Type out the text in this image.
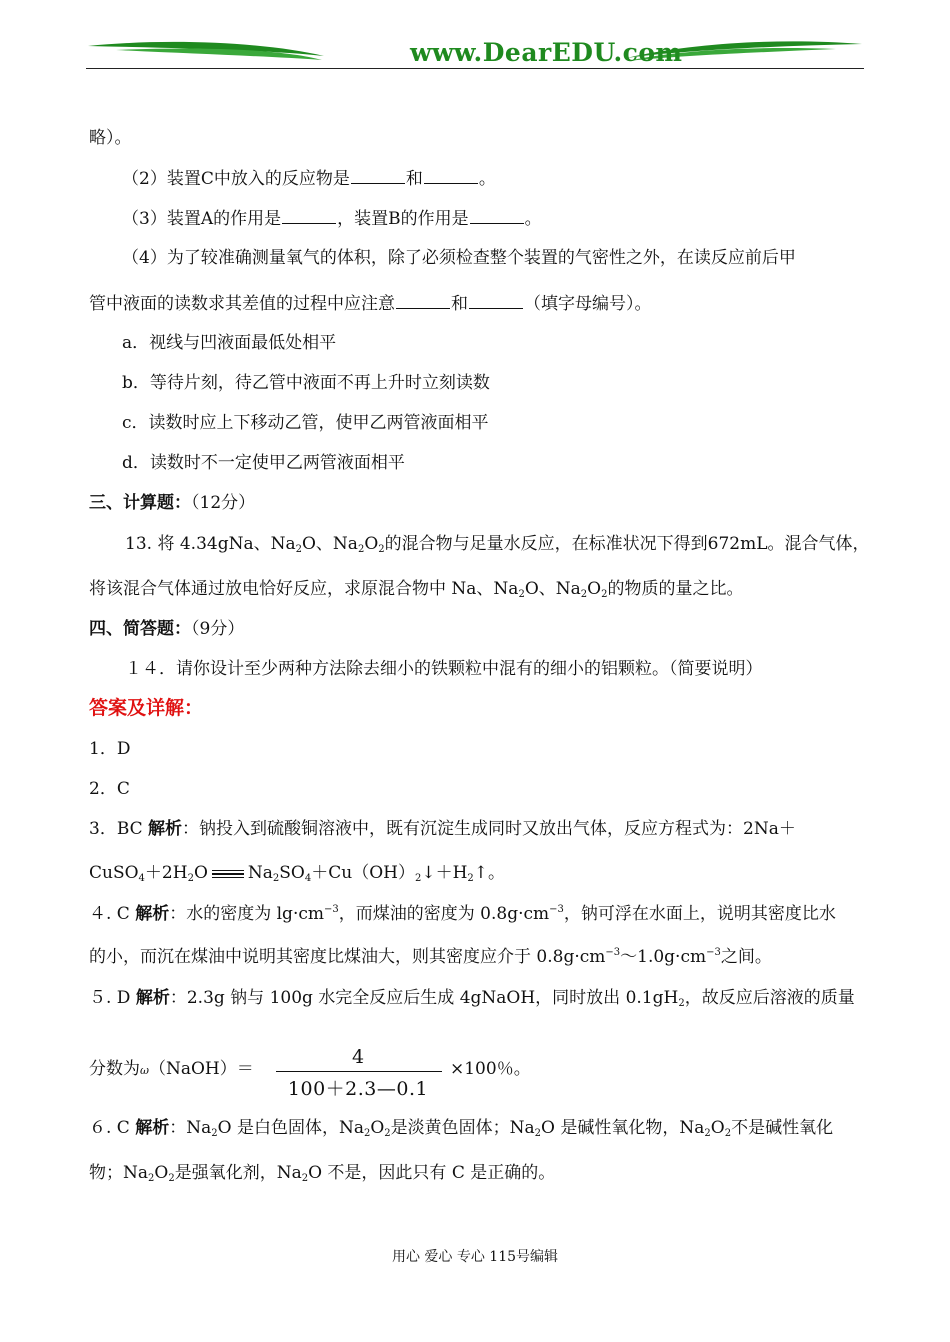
www.DearEDU.com
略）。
（2）装置C中放入的反应物是	和	。
（3）装置A的作用是	，装置B的作用是	。
（4）为了较准确测量氧气的体积，除了必须检查整个装置的气密性之外，在读反应前后甲
管中液面的读数求其差值的过程中应注意	和	（填字母编号）。
a．视线与凹液面最低处相平
b．等待片刻，待乙管中液面不再上升时立刻读数
c．读数时应上下移动乙管，使甲乙两管液面相平
d．读数时不一定使甲乙两管液面相平
三、计算题：（12分）
13. 将 4.34gNa、$Na_2O$、$Na_2O_2$的混合物与足量水反应，在标准状况下得到672mL。混合气体，
将该混合气体通过放电恰好反应，求原混合物中 Na、$Na_2O$、$Na_2O_2$的物质的量之比。
四、简答题：（9分）
１４．请你设计至少两种方法除去细小的铁颗粒中混有的细小的铝颗粒。（简要说明）
答案及详解：
1．D
2．C
3．BC 解析：钠投入到硫酸铜溶液中，既有沉淀生成同时又放出气体，反应方程式为：2Na＋
$CuSO_4+2H_2O$ $Na_2SO_4+Cu(OH)_2↓+H_2↑$。
４. C 解析：水的密度为 $\lg\cdot cm^{-3}$，而煤油的密度为 $0.8g\cdot cm^{-3}$，钠可浮在水面上，说明其密度比水
的小，而沉在煤油中说明其密度比煤油大，则其密度应介于 $0.8g\cdot cm^{-3}\sim 1.0g\cdot cm^{-3}$之间。
５. D 解析：2.3g 钠与 100g 水完全反应后生成 4gNaOH，同时放出 $0.1gH_2$，故反应后溶液的质量
分数为ω（NaOH）＝
4
100＋2.3—0.1
×100％。
６. C 解析：$Na_2O$ 是白色固体，$Na_2O_2$是淡黄色固体；$Na_2O$ 是碱性氧化物，$Na_2O_2$不是碱性氧化
物；$Na_2O_2$是强氧化剂，$Na_2O$ 不是，因此只有 C 是正确的。
用心 爱心 专心 115号编辑
